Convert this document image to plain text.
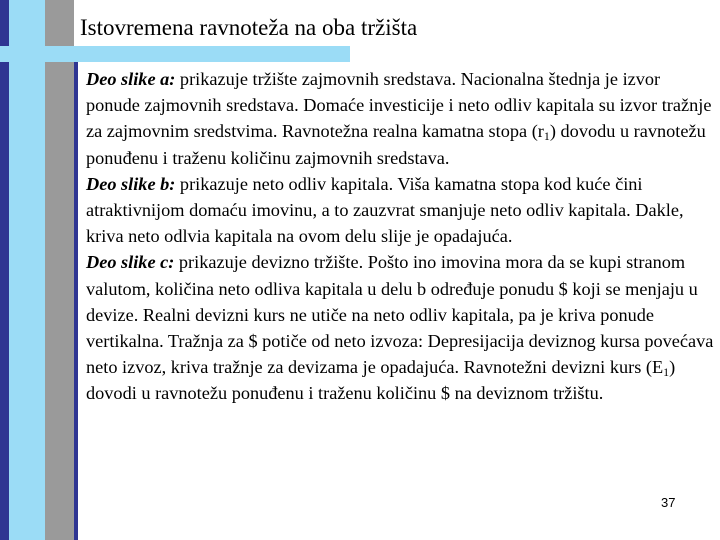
Istovremena ravnoteža na oba tržišta

Deo slike a: prikazuje tržište zajmovnih sredstava. Nacionalna štednja je izvor ponude zajmovnih sredstava. Domaće investicije i neto odliv kapitala su izvor tražnje za zajmovnim sredstvima. Ravnotežna realna kamatna stopa $(r_1)$ dovodu u ravnotežu ponuđenu i traženu količinu zajmovnih sredstava.

Deo slike b: prikazuje neto odliv kapitala. Viša kamatna stopa kod kuće čini atraktivnijom domaću imovinu, a to zauzvrat smanjuje neto odliv kapitala. Dakle, kriva neto odlvia kapitala na ovom delu slije je opadajuća.

Deo slike c: prikazuje devizno tržište. Pošto ino imovina mora da se kupi stranom valutom, količina neto odliva kapitala u delu b određuje ponudu $ koji se menjaju u devize. Realni devizni kurs ne utiče na neto odliv kapitala, pa je kriva ponude vertikalna. Tražnja za $ potiče od neto izvoza: Depresijacija deviznog kursa povećava neto izvoz, kriva tražnje za devizama je opadajuća. Ravnotežni devizni kurs $(E_1)$ dovodi u ravnotežu ponuđenu i traženu količinu $ na deviznom tržištu.

37
